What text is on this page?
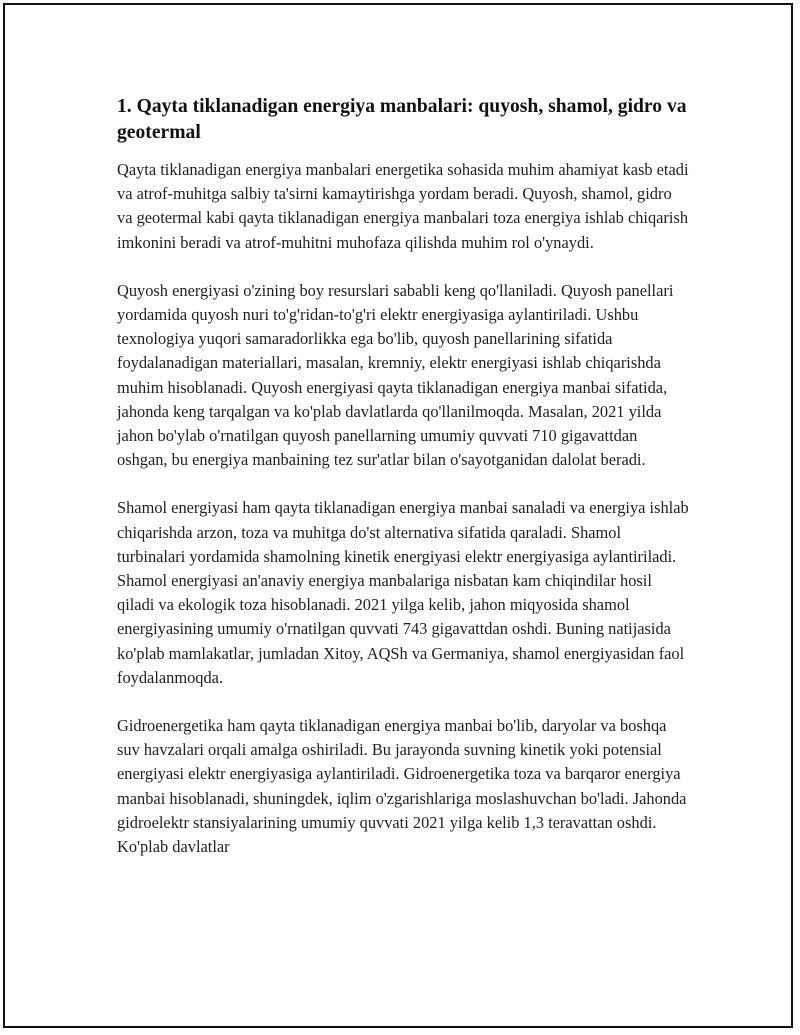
1. Qayta tiklanadigan energiya manbalari: quyosh, shamol, gidro va geotermal

Qayta tiklanadigan energiya manbalari energetika sohasida muhim ahamiyat kasb etadi va atrof-muhitga salbiy ta'sirni kamaytirishga yordam beradi. Quyosh, shamol, gidro va geotermal kabi qayta tiklanadigan energiya manbalari toza energiya ishlab chiqarish imkonini beradi va atrof-muhitni muhofaza qilishda muhim rol o'ynaydi.

Quyosh energiyasi o'zining boy resurslari sababli keng qo'llaniladi. Quyosh panellari yordamida quyosh nuri to'g'ridan-to'g'ri elektr energiyasiga aylantiriladi. Ushbu texnologiya yuqori samaradorlikka ega bo'lib, quyosh panellarining sifatida foydalanadigan materiallari, masalan, kremniy, elektr energiyasi ishlab chiqarishda muhim hisoblanadi. Quyosh energiyasi qayta tiklanadigan energiya manbai sifatida, jahonda keng tarqalgan va ko'plab davlatlarda qo'llanilmoqda. Masalan, 2021 yilda jahon bo'ylab o'rnatilgan quyosh panellarning umumiy quvvati 710 gigavattdan oshgan, bu energiya manbaining tez sur'atlar bilan o'sayotganidan dalolat beradi.

Shamol energiyasi ham qayta tiklanadigan energiya manbai sanaladi va energiya ishlab chiqarishda arzon, toza va muhitga do'st alternativa sifatida qaraladi. Shamol turbinalari yordamida shamolning kinetik energiyasi elektr energiyasiga aylantiriladi. Shamol energiyasi an'anaviy energiya manbalariga nisbatan kam chiqindilar hosil qiladi va ekologik toza hisoblanadi. 2021 yilga kelib, jahon miqyosida shamol energiyasining umumiy o'rnatilgan quvvati 743 gigavattdan oshdi. Buning natijasida ko'plab mamlakatlar, jumladan Xitoy, AQSh va Germaniya, shamol energiyasidan faol foydalanmoqda.

Gidroenergetika ham qayta tiklanadigan energiya manbai bo'lib, daryolar va boshqa suv havzalari orqali amalga oshiriladi. Bu jarayonda suvning kinetik yoki potensial energiyasi elektr energiyasiga aylantiriladi. Gidroenergetika toza va barqaror energiya manbai hisoblanadi, shuningdek, iqlim o'zgarishlariga moslashuvchan bo'ladi. Jahonda gidroelektr stansiyalarining umumiy quvvati 2021 yilga kelib 1,3 teravattan oshdi. Ko'plab davlatlar
